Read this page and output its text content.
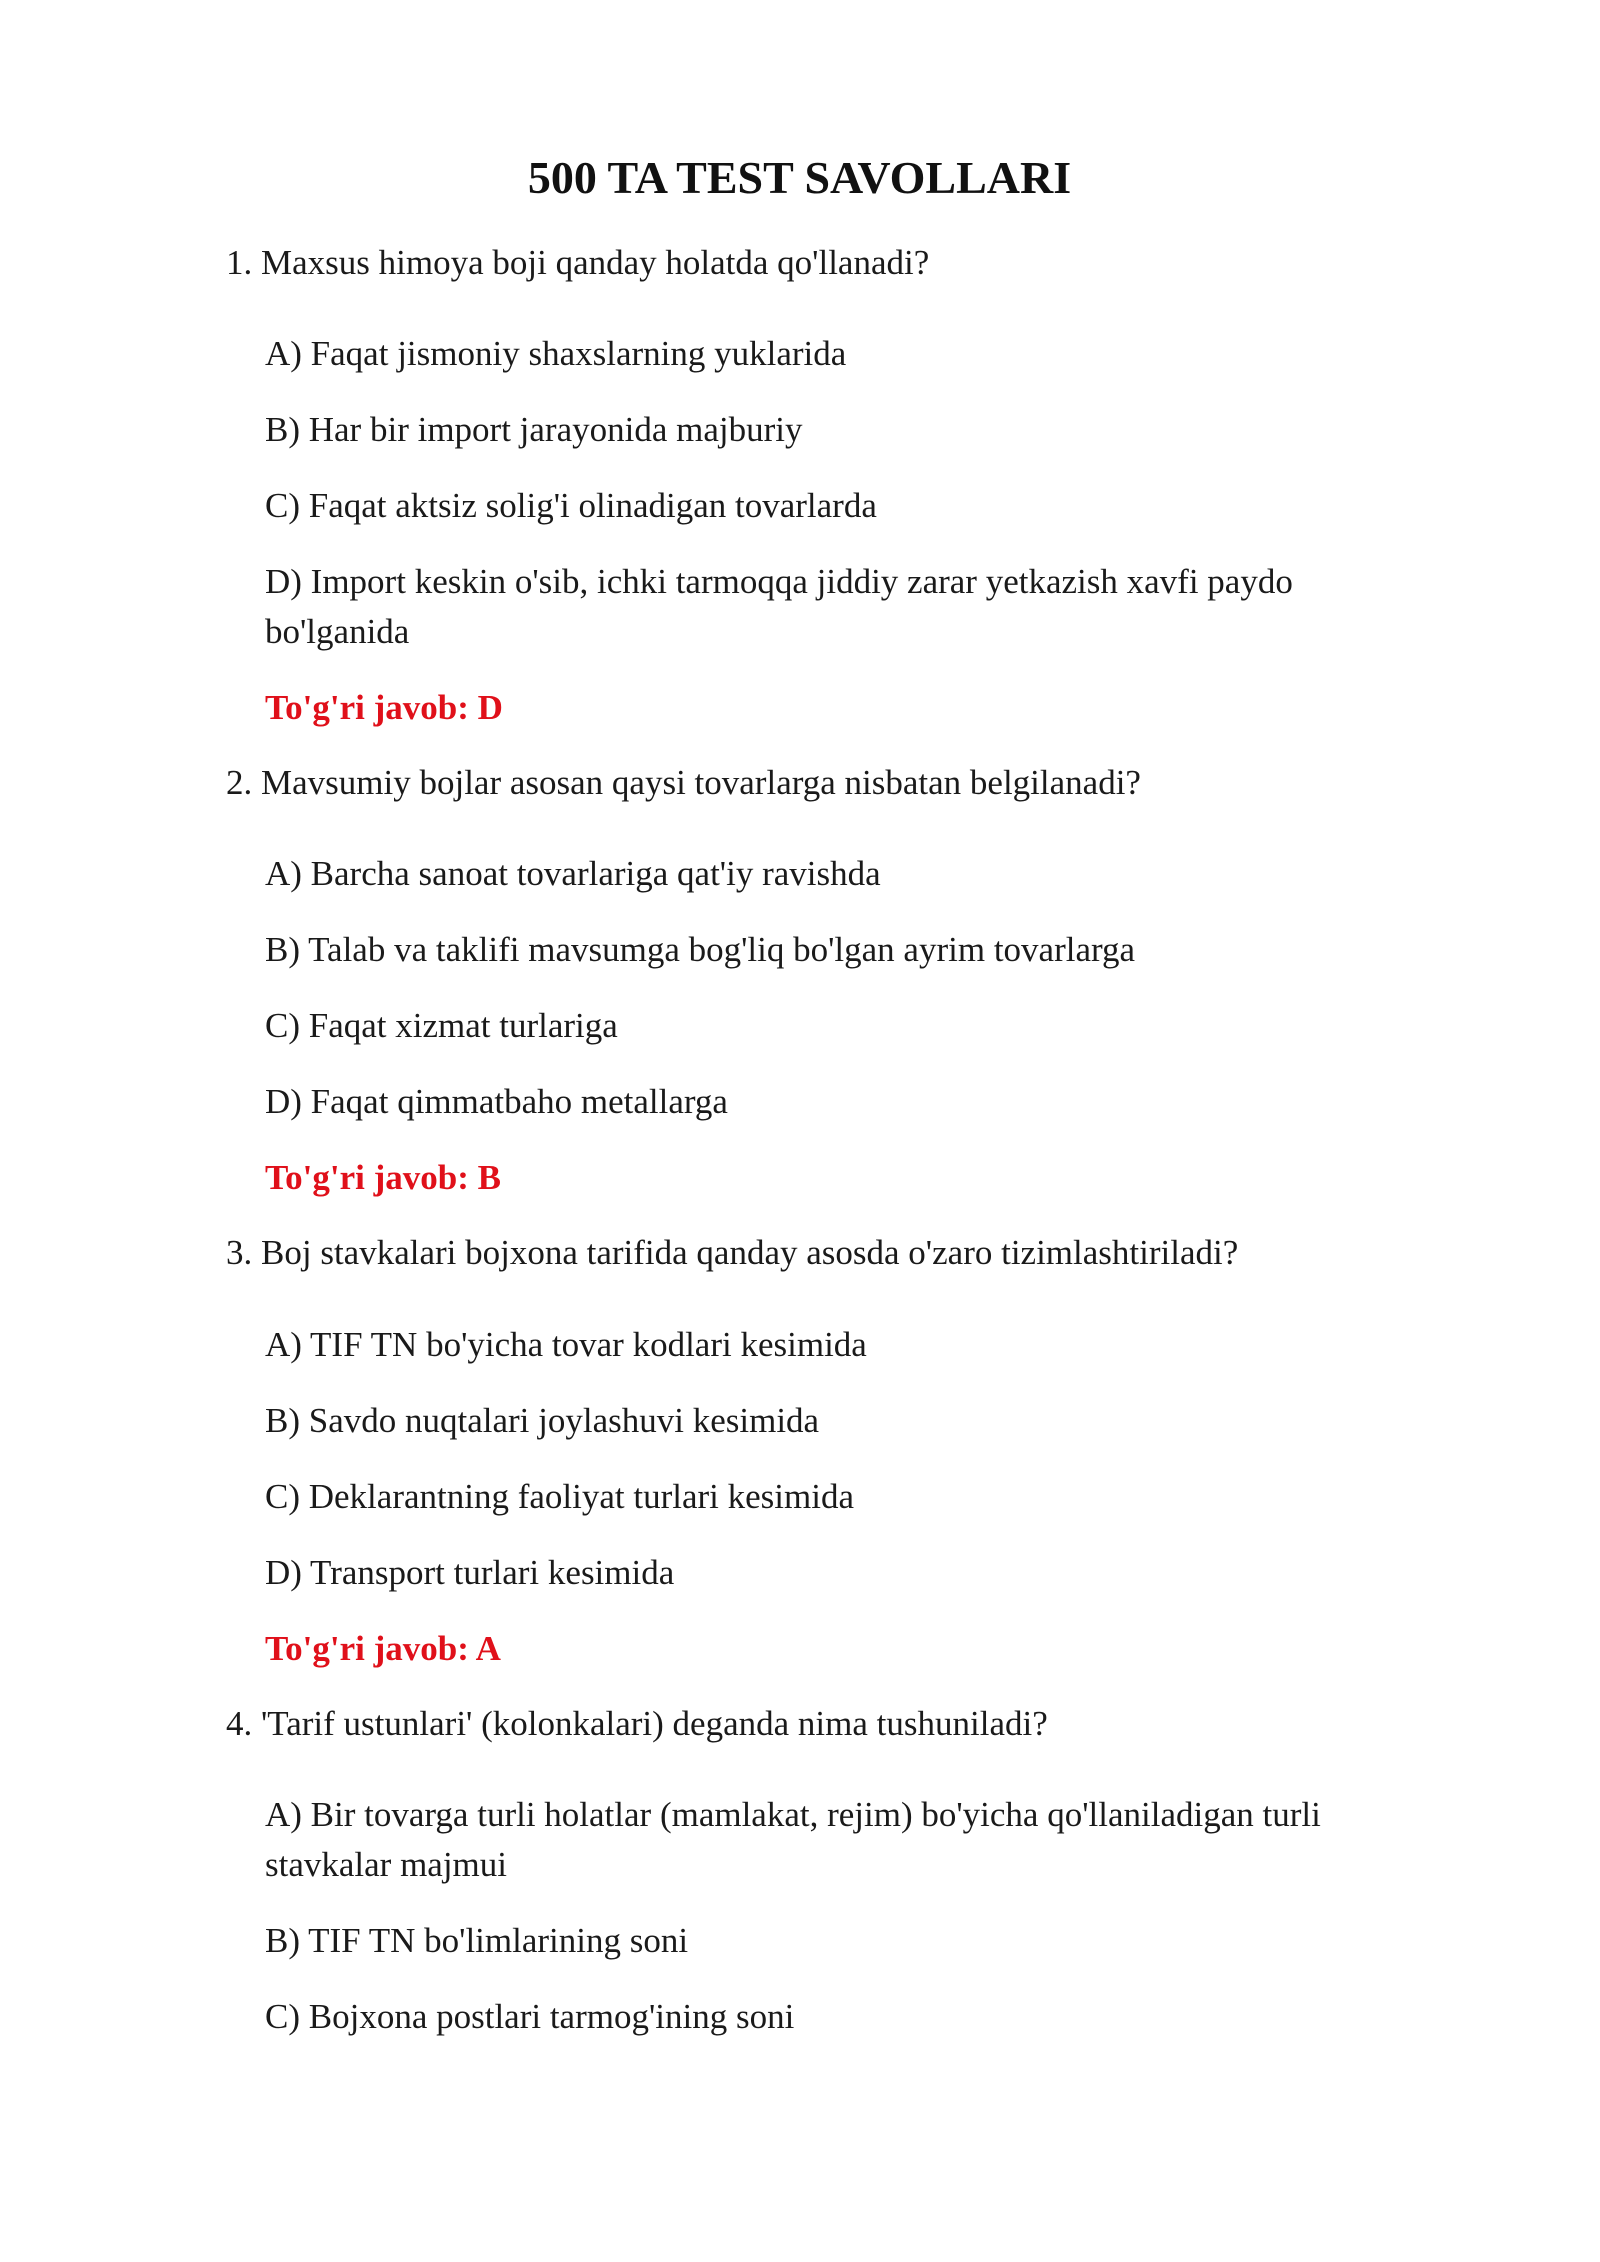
500 TA TEST SAVOLLARI
1. Maxsus himoya boji qanday holatda qo'llanadi?
A) Faqat jismoniy shaxslarning yuklarida
B) Har bir import jarayonida majburiy
C) Faqat aktsiz solig'i olinadigan tovarlarda
D) Import keskin o'sib, ichki tarmoqqa jiddiy zarar yetkazish xavfi paydo bo'lganida
To'g'ri javob: D
2. Mavsumiy bojlar asosan qaysi tovarlarga nisbatan belgilanadi?
A) Barcha sanoat tovarlariga qat'iy ravishda
B) Talab va taklifi mavsumga bog'liq bo'lgan ayrim tovarlarga
C) Faqat xizmat turlariga
D) Faqat qimmatbaho metallarga
To'g'ri javob: B
3. Boj stavkalari bojxona tarifida qanday asosda o'zaro tizimlashtiriladi?
A) TIF TN bo'yicha tovar kodlari kesimida
B) Savdo nuqtalari joylashuvi kesimida
C) Deklarantning faoliyat turlari kesimida
D) Transport turlari kesimida
To'g'ri javob: A
4. 'Tarif ustunlari' (kolonkalari) deganda nima tushuniladi?
A) Bir tovarga turli holatlar (mamlakat, rejim) bo'yicha qo'llaniladigan turli stavkalar majmui
B) TIF TN bo'limlarining soni
C) Bojxona postlari tarmog'ining soni
